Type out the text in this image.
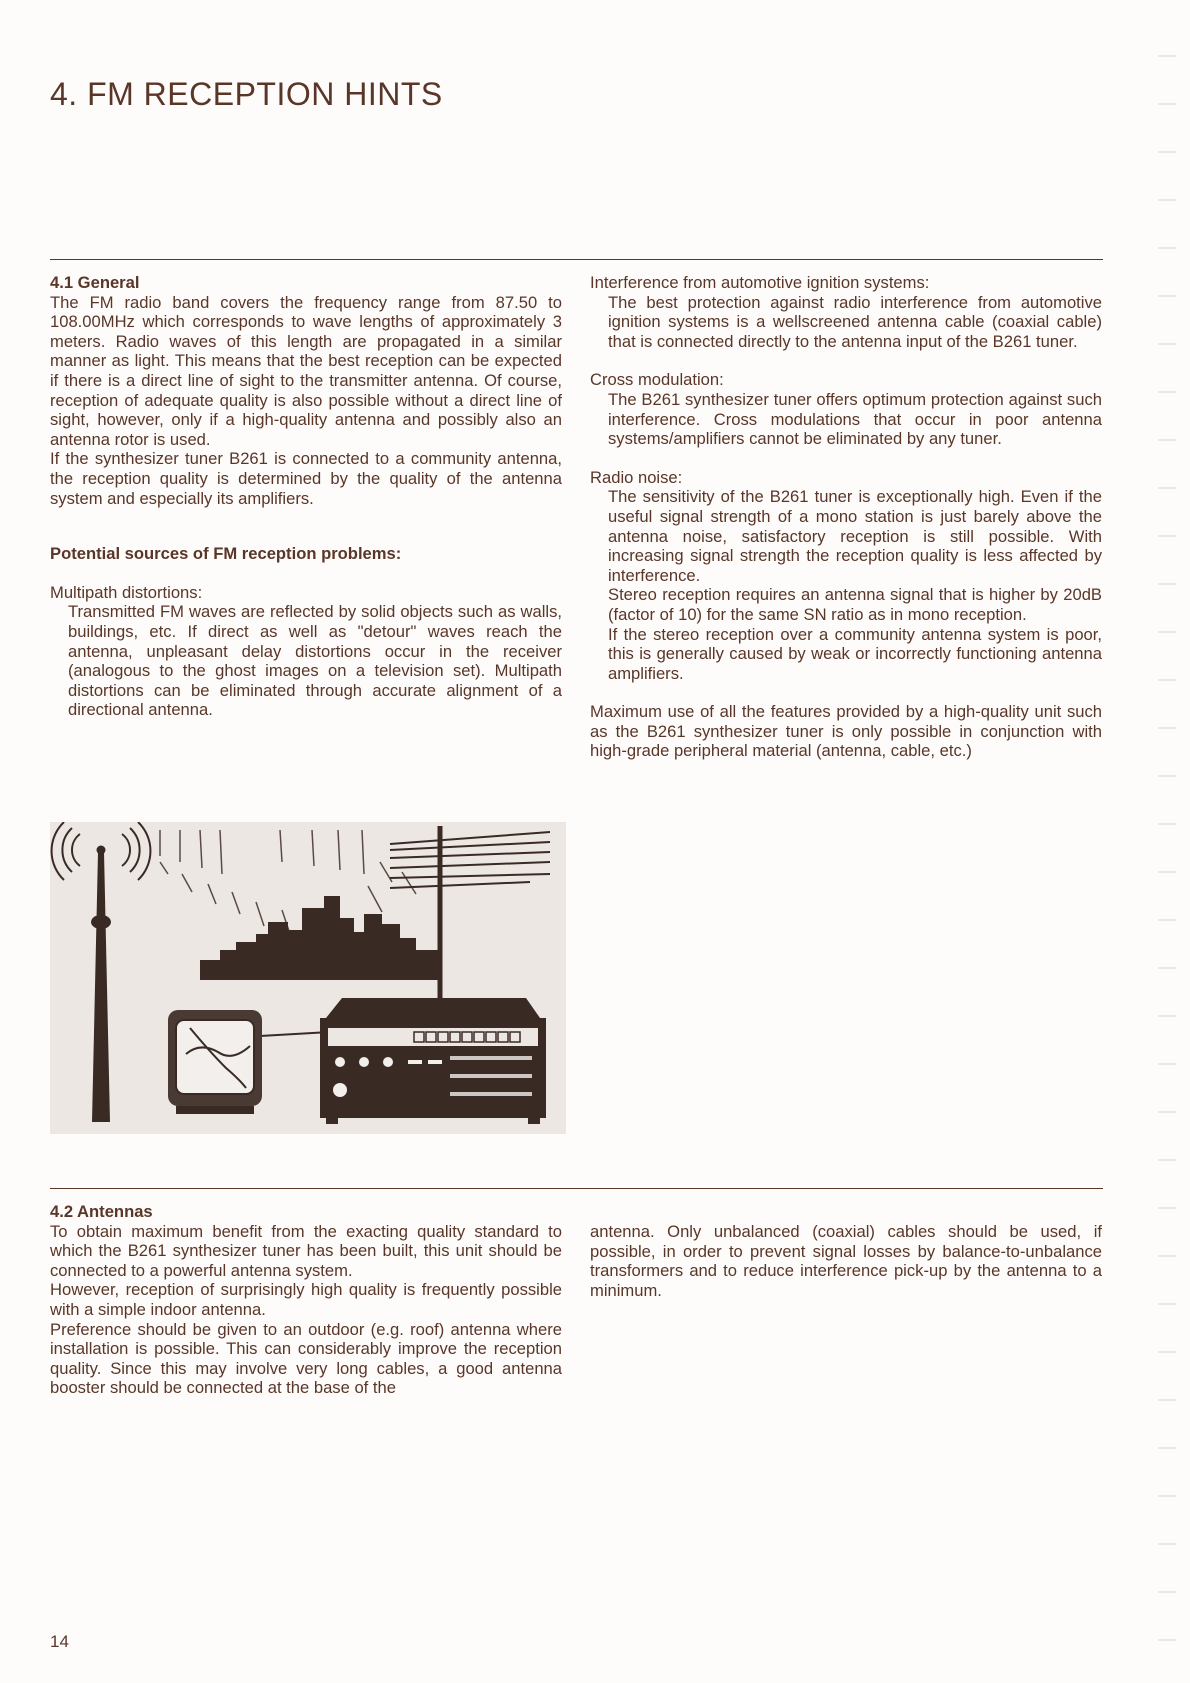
4. FM RECEPTION HINTS

4.1 General

The FM radio band covers the frequency range from 87.50 to 108.00MHz which corresponds to wave lengths of approximately 3 meters. Radio waves of this length are propagated in a similar manner as light. This means that the best reception can be expected if there is a direct line of sight to the transmitter antenna. Of course, reception of adequate quality is also possible without a direct line of sight, however, only if a high-quality antenna and possibly also an antenna rotor is used.

If the synthesizer tuner B261 is connected to a community antenna, the reception quality is determined by the quality of the antenna system and especially its amplifiers.

Potential sources of FM reception problems:

Multipath distortions:

Transmitted FM waves are reflected by solid objects such as walls, buildings, etc. If direct as well as "detour" waves reach the antenna, unpleasant delay distortions occur in the receiver (analogous to the ghost images on a television set). Multipath distortions can be eliminated through accurate alignment of a directional antenna.

Interference from automotive ignition systems:

The best protection against radio interference from automotive ignition systems is a wellscreened antenna cable (coaxial cable) that is connected directly to the antenna input of the B261 tuner.

Cross modulation:

The B261 synthesizer tuner offers optimum protection against such interference. Cross modulations that occur in poor antenna systems/amplifiers cannot be eliminated by any tuner.

Radio noise:

The sensitivity of the B261 tuner is exceptionally high. Even if the useful signal strength of a mono station is just barely above the antenna noise, satisfactory reception is still possible. With increasing signal strength the reception quality is less affected by interference.

Stereo reception requires an antenna signal that is higher by 20dB (factor of 10) for the same SN ratio as in mono reception.

If the stereo reception over a community antenna system is poor, this is generally caused by weak or incorrectly functioning antenna amplifiers.

Maximum use of all the features provided by a high-quality unit such as the B261 synthesizer tuner is only possible in conjunction with high-grade peripheral material (antenna, cable, etc.)

4.2 Antennas

To obtain maximum benefit from the exacting quality standard to which the B261 synthesizer tuner has been built, this unit should be connected to a powerful antenna system.

However, reception of surprisingly high quality is frequently possible with a simple indoor antenna.

Preference should be given to an outdoor (e.g. roof) antenna where installation is possible. This can considerably improve the reception quality. Since this may involve very long cables, a good antenna booster should be connected at the base of the

antenna. Only unbalanced (coaxial) cables should be used, if possible, in order to prevent signal losses by balance-to-unbalance transformers and to reduce interference pick-up by the antenna to a minimum.

14
